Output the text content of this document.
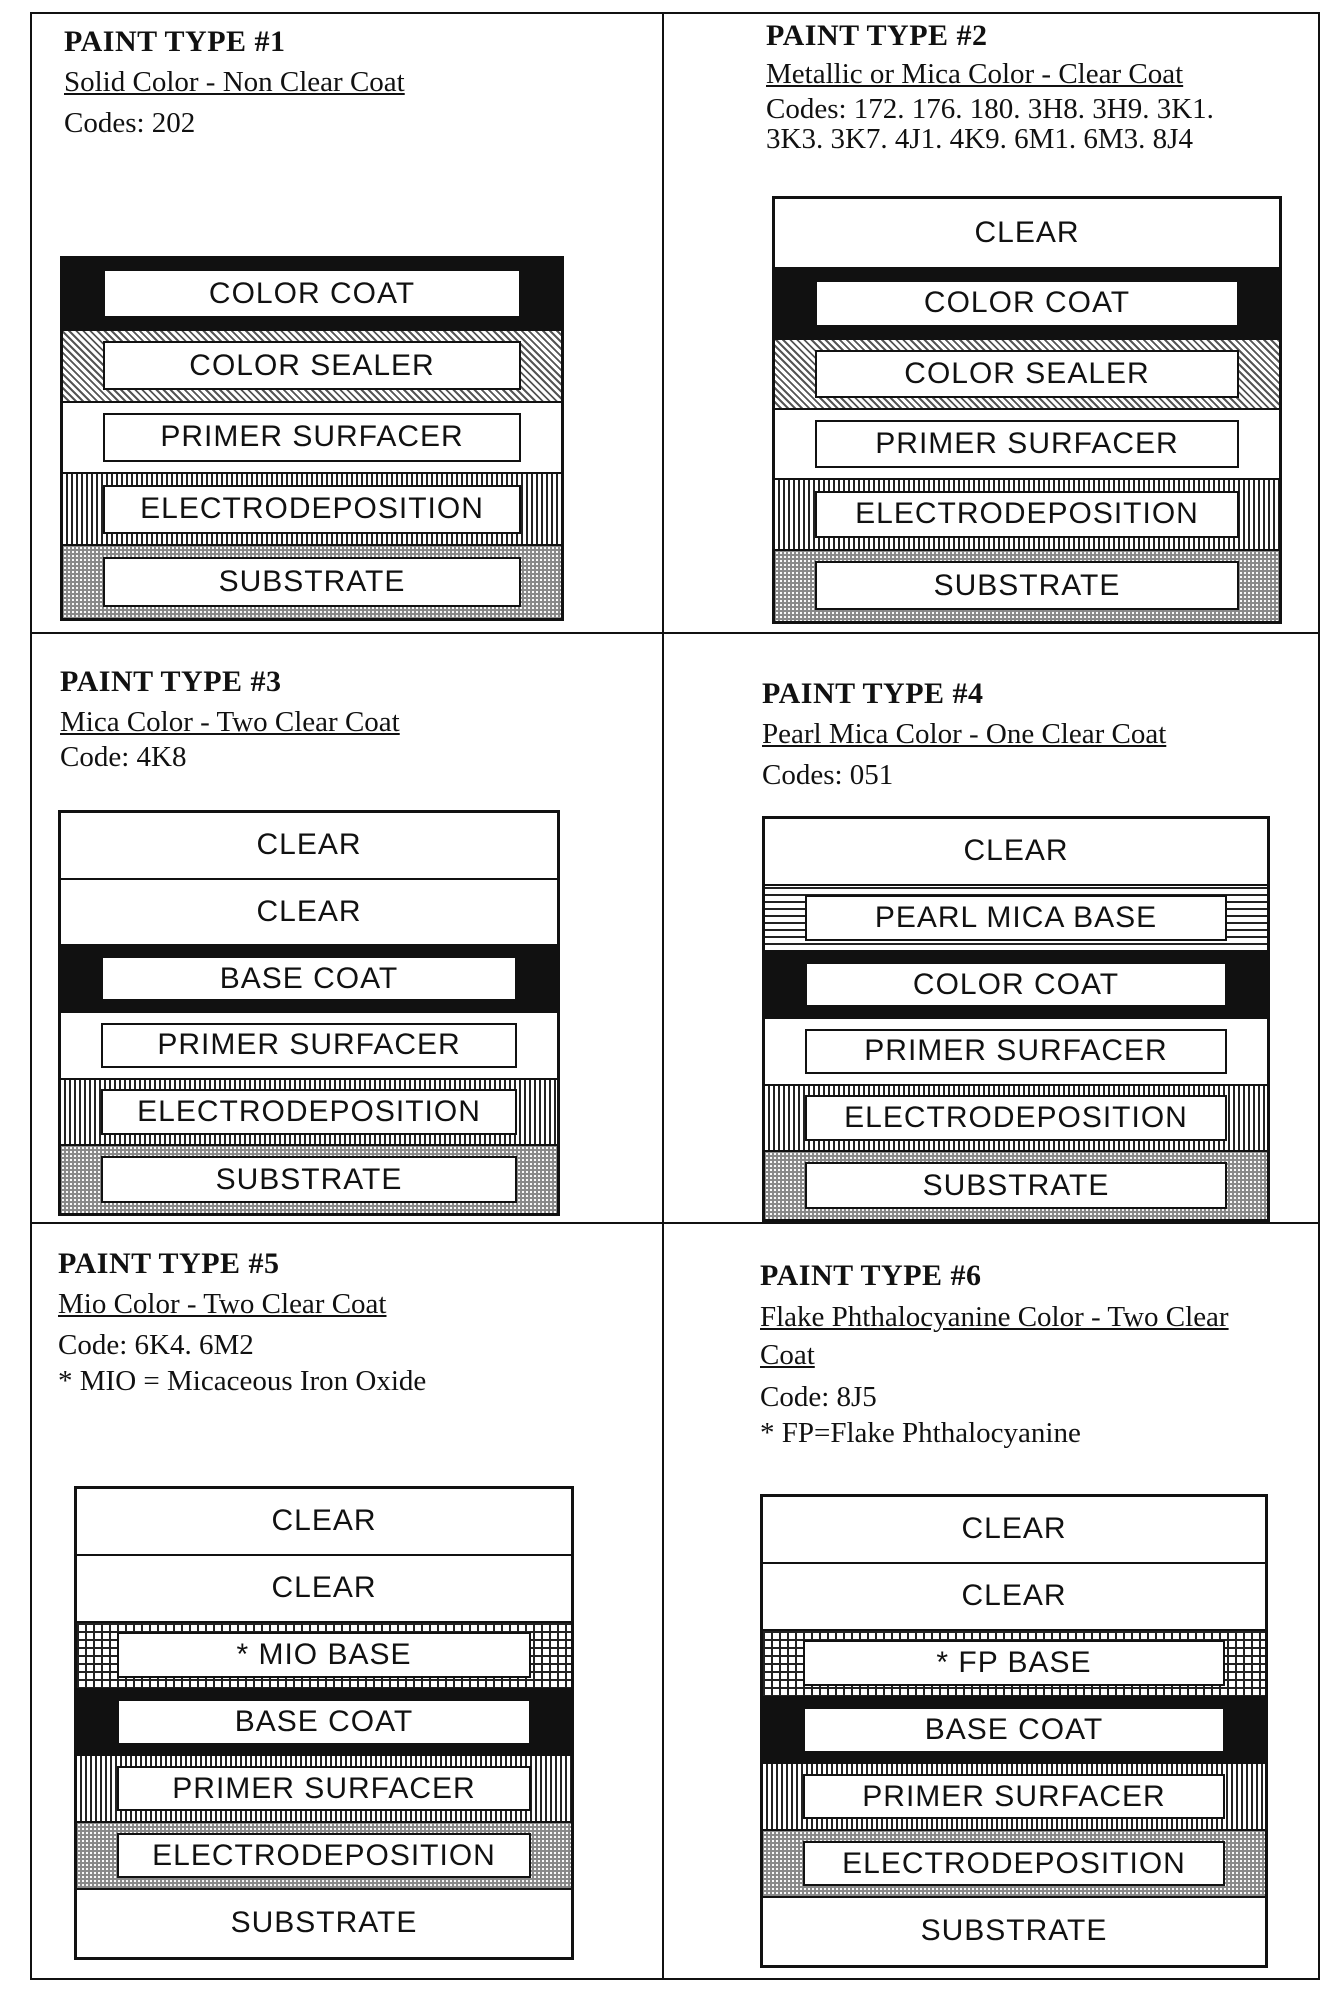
PAINT TYPE #1
Solid Color - Non Clear Coat
Codes: 202
COLOR COAT
COLOR SEALER
PRIMER SURFACER
ELECTRODEPOSITION
SUBSTRATE
PAINT TYPE #2
Metallic or Mica Color - Clear Coat
Codes: 172. 176. 180. 3H8. 3H9. 3K1. 3K3. 3K7. 4J1. 4K9. 6M1. 6M3. 8J4
CLEAR
COLOR COAT
COLOR SEALER
PRIMER SURFACER
ELECTRODEPOSITION
SUBSTRATE
PAINT TYPE #3
Mica Color - Two Clear Coat
Code: 4K8
CLEAR
CLEAR
BASE COAT
PRIMER SURFACER
ELECTRODEPOSITION
SUBSTRATE
PAINT TYPE #4
Pearl Mica Color - One Clear Coat
Codes: 051
CLEAR
PEARL MICA BASE
COLOR COAT
PRIMER SURFACER
ELECTRODEPOSITION
SUBSTRATE
PAINT TYPE #5
Mio Color - Two Clear Coat
Code: 6K4. 6M2
* MIO = Micaceous Iron Oxide
CLEAR
CLEAR
* MIO BASE
BASE COAT
PRIMER SURFACER
ELECTRODEPOSITION
SUBSTRATE
PAINT TYPE #6
Flake Phthalocyanine Color - Two Clear Coat
Code: 8J5
* FP=Flake Phthalocyanine
CLEAR
CLEAR
* FP BASE
BASE COAT
PRIMER SURFACER
ELECTRODEPOSITION
SUBSTRATE
